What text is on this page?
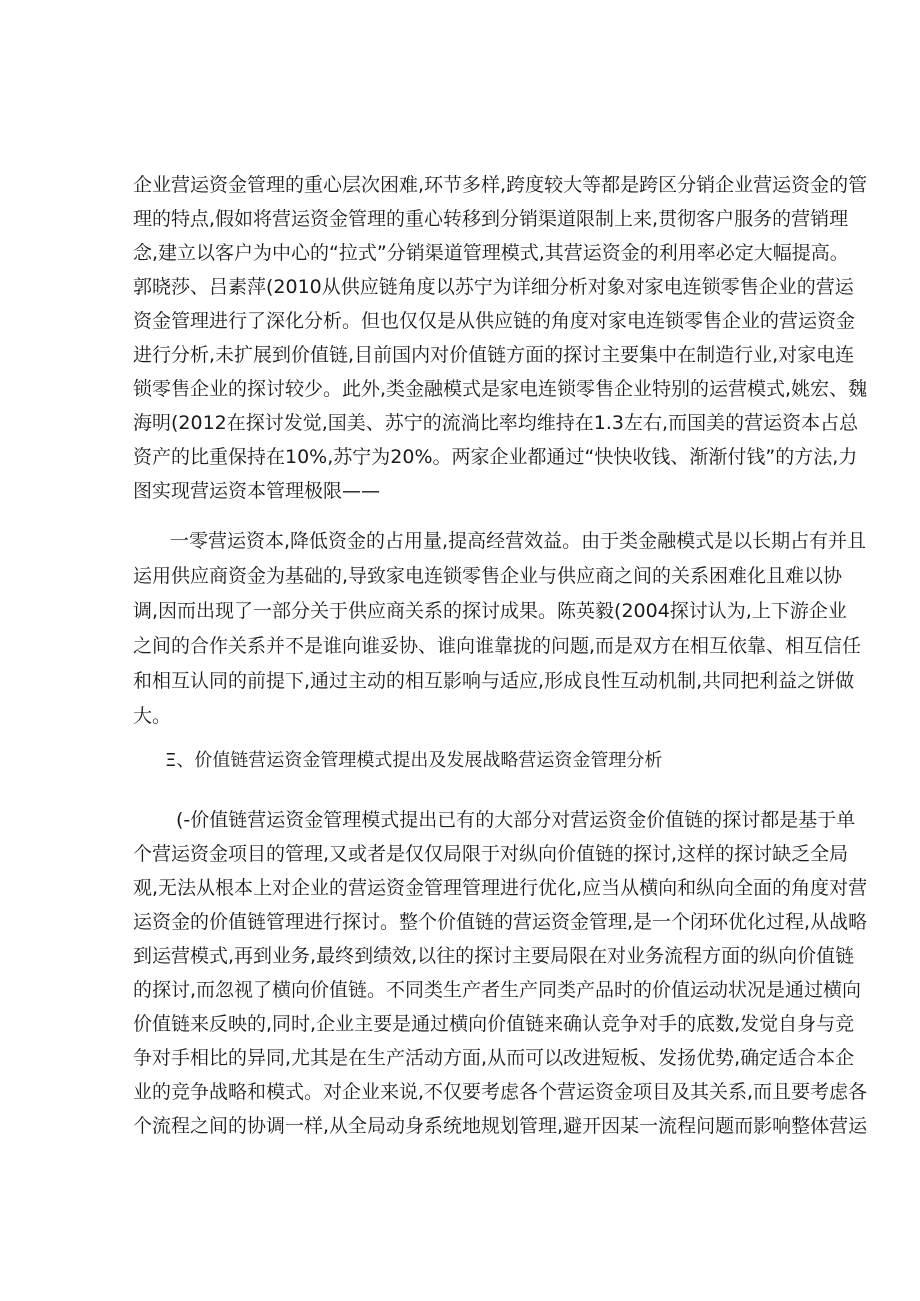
企业营运资金管理的重心层次困难,环节多样,跨度较大等都是跨区分销企业营运资金的管
理的特点,假如将营运资金管理的重心转移到分销渠道限制上来,贯彻客户服务的营销理
念,建立以客户为中心的“拉式”分销渠道管理模式,其营运资金的利用率必定大幅提高。
郭晓莎、吕素萍(2010从供应链角度以苏宁为详细分析对象对家电连锁零售企业的营运
资金管理进行了深化分析。但也仅仅是从供应链的角度对家电连锁零售企业的营运资金
进行分析,未扩展到价值链,目前国内对价值链方面的探讨主要集中在制造行业,对家电连
锁零售企业的探讨较少。此外,类金融模式是家电连锁零售企业特别的运营模式,姚宏、魏
海明(2012在探讨发觉,国美、苏宁的流淌比率均维持在1.3左右,而国美的营运资本占总
资产的比重保持在10%,苏宁为20%。两家企业都通过“快快收钱、渐渐付钱”的方法,力
图实现营运资本管理极限——
一零营运资本,降低资金的占用量,提高经营效益。由于类金融模式是以长期占有并且
运用供应商资金为基础的,导致家电连锁零售企业与供应商之间的关系困难化且难以协
调,因而出现了一部分关于供应商关系的探讨成果。陈英毅(2004探讨认为,上下游企业
之间的合作关系并不是谁向谁妥协、谁向谁靠拢的问题,而是双方在相互依靠、相互信任
和相互认同的前提下,通过主动的相互影响与适应,形成良性互动机制,共同把利益之饼做
大。
Ξ、价值链营运资金管理模式提出及发展战略营运资金管理分析
(-价值链营运资金管理模式提出已有的大部分对营运资金价值链的探讨都是基于单
个营运资金项目的管理,又或者是仅仅局限于对纵向价值链的探讨,这样的探讨缺乏全局
观,无法从根本上对企业的营运资金管理管理进行优化,应当从横向和纵向全面的角度对营
运资金的价值链管理进行探讨。整个价值链的营运资金管理,是一个闭环优化过程,从战略
到运营模式,再到业务,最终到绩效,以往的探讨主要局限在对业务流程方面的纵向价值链
的探讨,而忽视了横向价值链。不同类生产者生产同类产品时的价值运动状况是通过横向
价值链来反映的,同时,企业主要是通过横向价值链来确认竞争对手的底数,发觉自身与竞
争对手相比的异同,尤其是在生产活动方面,从而可以改进短板、发扬优势,确定适合本企
业的竞争战略和模式。对企业来说,不仅要考虑各个营运资金项目及其关系,而且要考虑各
个流程之间的协调一样,从全局动身系统地规划管理,避开因某一流程问题而影响整体营运
